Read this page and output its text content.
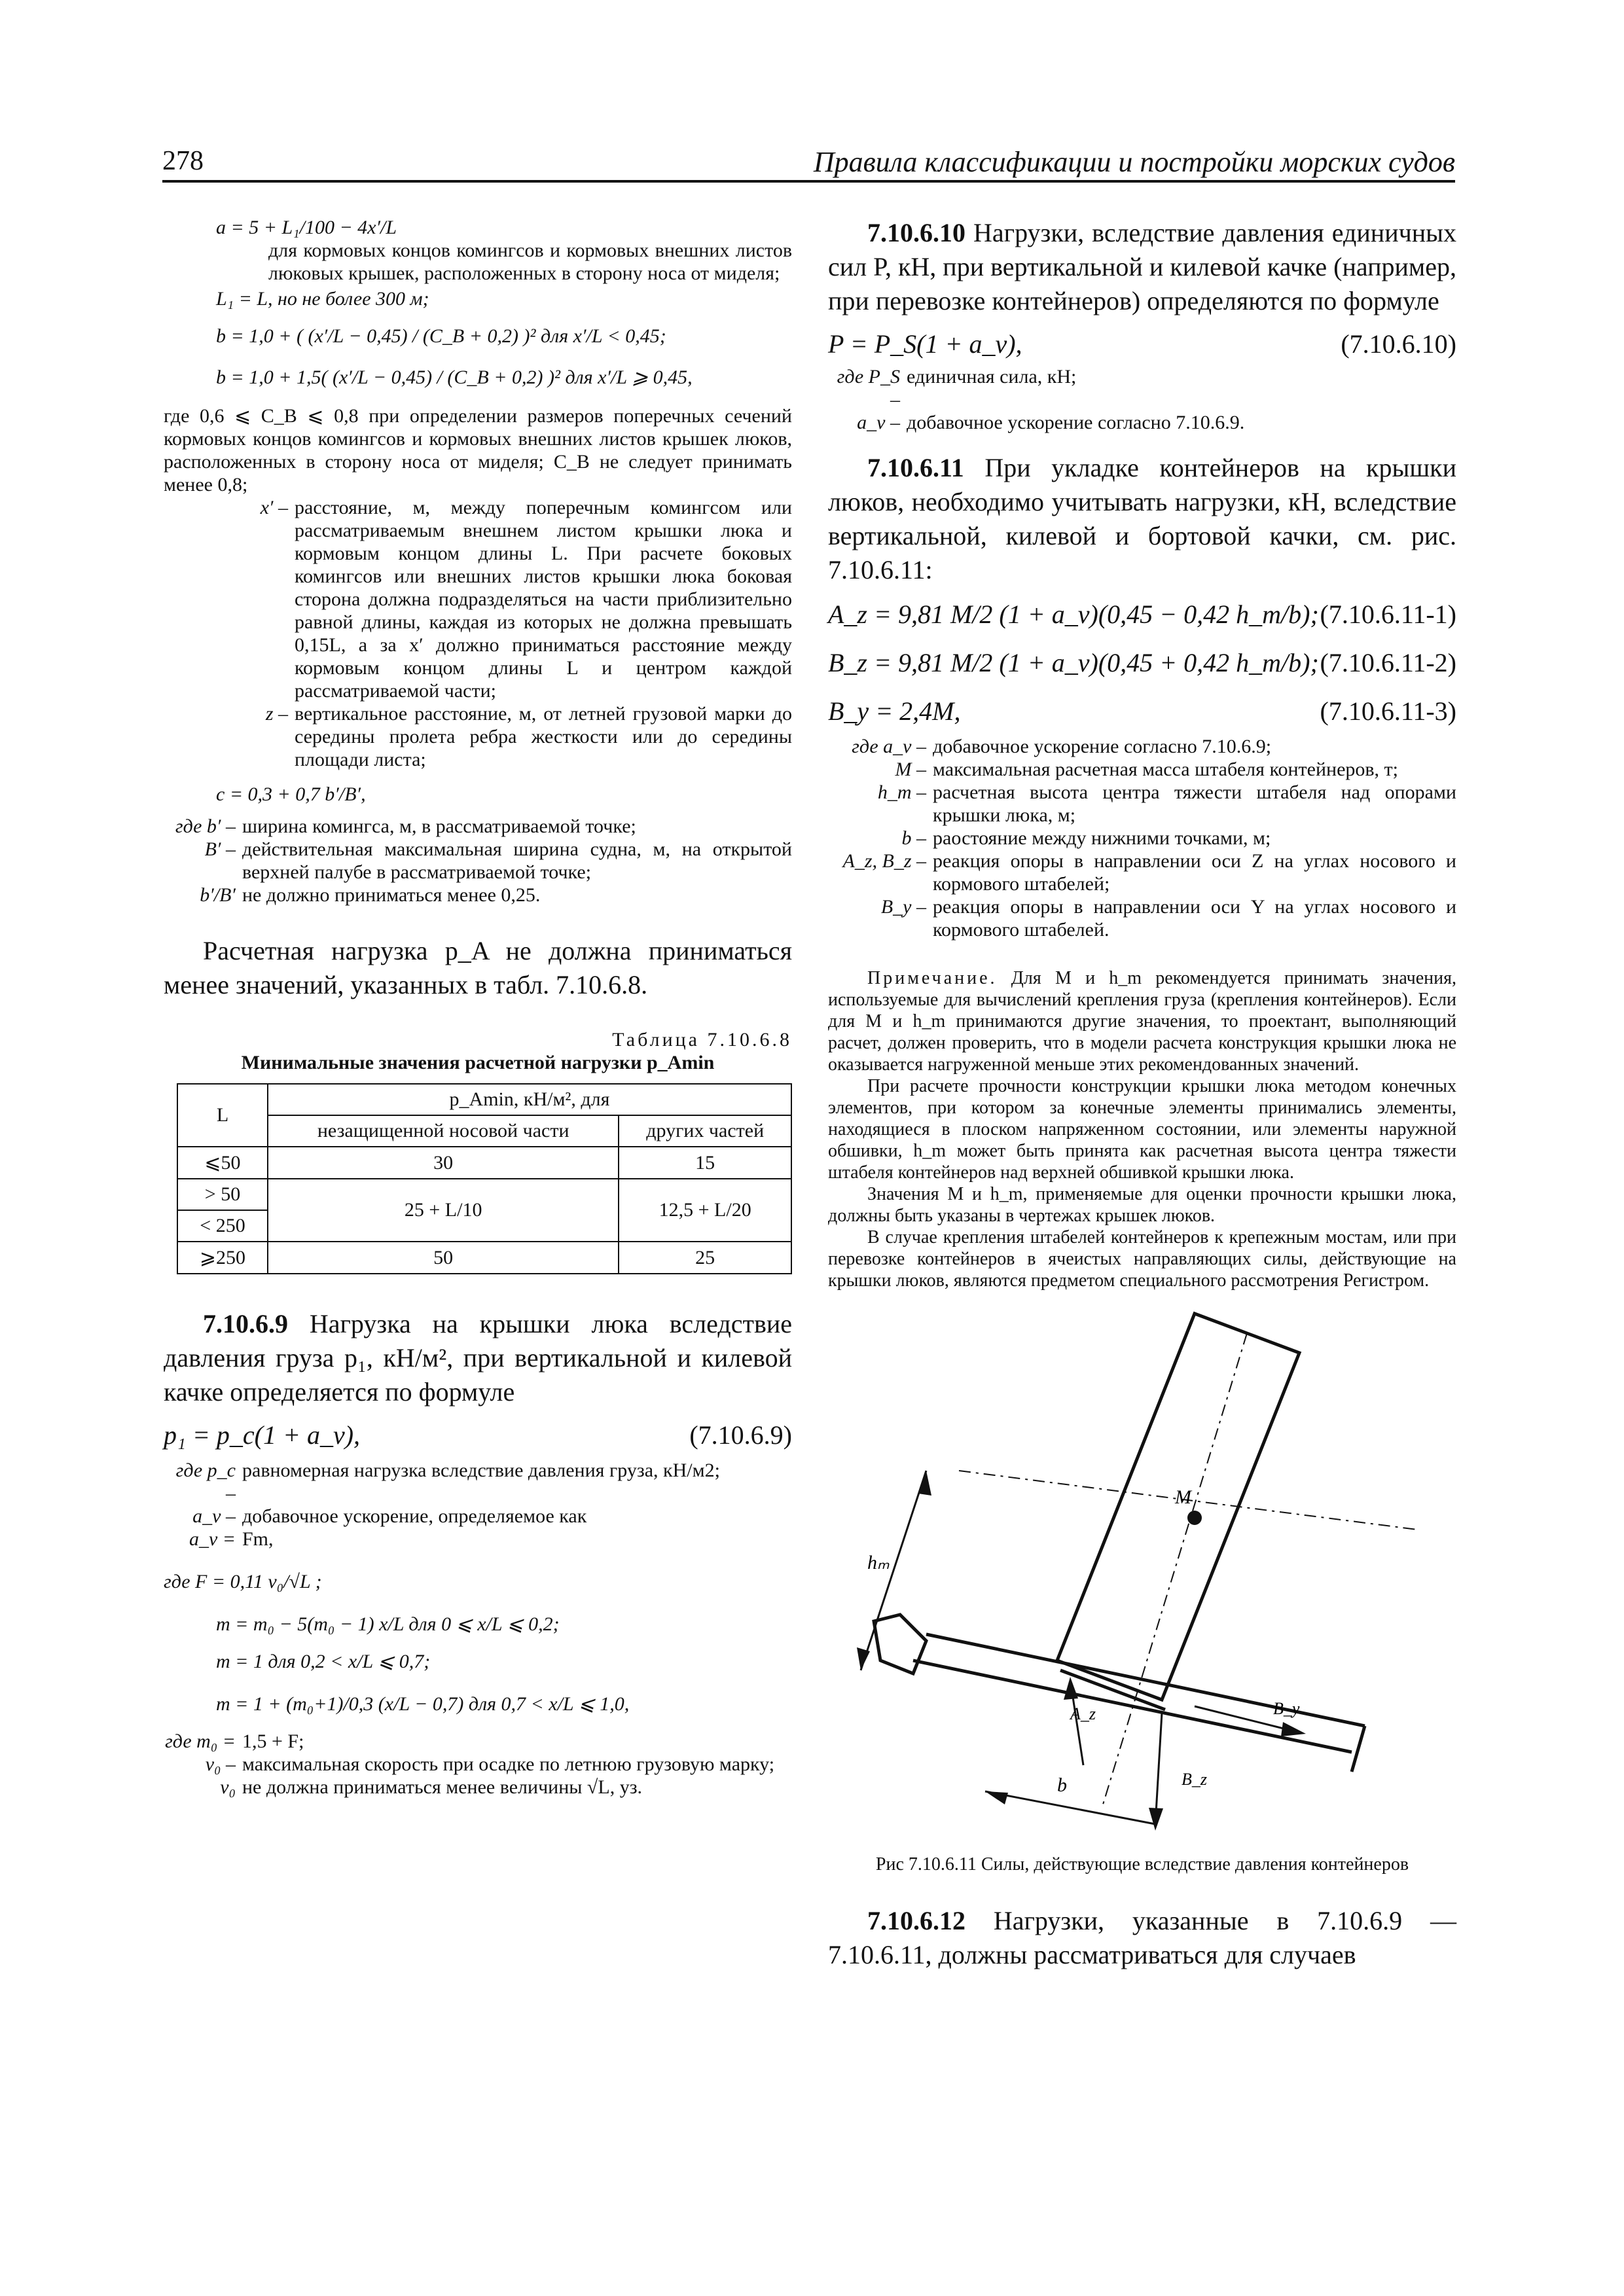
278	Правила классификации и постройки морских судов
a = 5 + L₁/100 − 4x′/L
для кормовых концов комингсов и кормовых внешних листов люковых крышек, расположенных в сторону носа от миделя;
L₁ = L, но не более 300 м;
b = 1,0 + ( (x′/L − 0,45) / (C_B + 0,2) )² для x′/L < 0,45;
b = 1,0 + 1,5( (x′/L − 0,45) / (C_B + 0,2) )² для x′/L ⩾ 0,45,
где 0,6 ⩽ C_B ⩽ 0,8 при определении размеров поперечных сечений кормовых концов комингсов и кормовых внешних листов крышек люков, расположенных в сторону носа от миделя; C_B не следует принимать менее 0,8;
x′ – расстояние, м, между поперечным комингсом или рассматриваемым внешнем листом крышки люка и кормовым концом длины L. При расчете боковых комингсов или внешних листов крышки люка боковая сторона должна подразделяться на части приблизительно равной длины, каждая из которых не должна превышать 0,15L, а за x′ должно приниматься расстояние между кормовым концом длины L и центром каждой рассматриваемой части;
z – вертикальное расстояние, м, от летней грузовой марки до середины пролета ребра жесткости или до середины площади листа;
c = 0,3 + 0,7 b′/B′,
где b′ – ширина комингса, м, в рассматриваемой точке;
B′ – действительная максимальная ширина судна, м, на открытой верхней палубе в рассматриваемой точке;
b′/B′ не должно приниматься менее 0,25.
Расчетная нагрузка p_A не должна приниматься менее значений, указанных в табл. 7.10.6.8.
Таблица 7.10.6.8
Минимальные значения расчетной нагрузки p_Amin
L	p_Amin, кН/м², для	
	незащищенной носовой части	других частей
⩽50	30	15
> 50	25 + L/10	12,5 + L/20
< 250		
⩾250	50	25
7.10.6.9 Нагрузка на крышки люка вследствие давления груза p₁, кН/м², при вертикальной и килевой качке определяется по формуле
p₁ = p_c(1 + a_v),	(7.10.6.9)
где p_c –
равномерная нагрузка вследствие давления груза, кН/м2;
a_v – добавочное ускорение, определяемое как
a_v = Fm,
где F = 0,11 v₀/√L ;
m = m₀ − 5(m₀ − 1) x/L для 0 ⩽ x/L ⩽ 0,2;
m = 1 для 0,2 < x/L ⩽ 0,7;
m = 1 + (m₀+1)/0,3 (x/L − 0,7) для 0,7 < x/L ⩽ 1,0,
где m₀ = 1,5 + F;
v₀ – максимальная скорость при осадке по летнюю грузовую марку;
v₀ не должна приниматься менее величины √L, уз.
7.10.6.10 Нагрузки, вследствие давления единичных сил P, кН, при вертикальной и килевой качке (например, при перевозке контейнеров) определяются по формуле
P = P_S(1 + a_v),	(7.10.6.10)
где P_S –
единичная сила, кН;
a_v – добавочное ускорение согласно 7.10.6.9.
7.10.6.11 При укладке контейнеров на крышки люков, необходимо учитывать нагрузки, кН, вследствие вертикальной, килевой и бортовой качки, см. рис. 7.10.6.11:
A_z = 9,81 M/2 (1 + a_v)(0,45 − 0,42 h_m/b); (7.10.6.11-1)
B_z = 9,81 M/2 (1 + a_v)(0,45 + 0,42 h_m/b); (7.10.6.11-2)
B_y = 2,4M,	(7.10.6.11-3)
где a_v – добавочное ускорение согласно 7.10.6.9;
M – максимальная расчетная масса штабеля контейнеров, т;
h_m – расчетная высота центра тяжести штабеля над опорами крышки люка, м;
b – раостояние между нижними точками, м;
A_z, B_z – реакция опоры в направлении оси Z на углах носового и кормового штабелей;
B_y – реакция опоры в направлении оси Y на углах носового и кормового штабелей.
Примечание. Для M и h_m рекомендуется принимать значения, используемые для вычислений крепления груза (крепления контейнеров). Если для M и h_m принимаются другие значения, то проектант, выполняющий расчет, должен проверить, что в модели расчета конструкция крышки люка не оказывается нагруженной меньше этих рекомендованных значений.
При расчете прочности конструкции крышки люка методом конечных элементов, при котором за конечные элементы принимались элементы, находящиеся в плоском напряженном состоянии, или элементы наружной обшивки, h_m может быть принята как расчетная высота центра тяжести штабеля контейнеров над верхней обшивкой крышки люка.
Значения M и h_m, применяемые для оценки прочности крышки люка, должны быть указаны в чертежах крышек люков.
В случае крепления штабелей контейнеров к крепежным мостам, или при перевозке контейнеров в ячеистых направляющих силы, действующие на крышки люков, являются предметом специального рассмотрения Регистром.
hₘ
M
A_z	B_y
B_z
b
Рис 7.10.6.11 Силы, действующие вследствие давления контейнеров
7.10.6.12 Нагрузки, указанные в 7.10.6.9 — 7.10.6.11, должны рассматриваться для случаев
